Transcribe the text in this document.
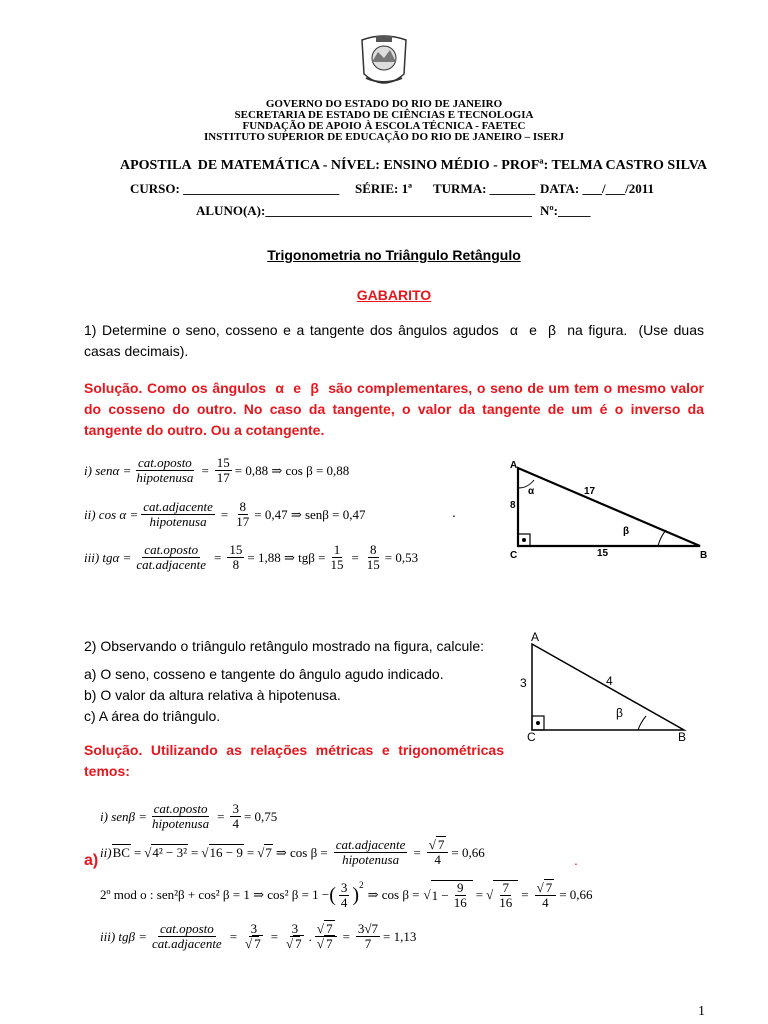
GOVERNO DO ESTADO DO RIO DE JANEIRO
SECRETARIA DE ESTADO DE CIÊNCIAS E TECNOLOGIA
FUNDAÇÃO DE APOIO À ESCOLA TÉCNICA - FAETEC
INSTITUTO SUPERIOR DE EDUCAÇÃO DO RIO DE JANEIRO – ISERJ
APOSTILA  DE MATEMÁTICA - NÍVEL: ENSINO MÉDIO - PROFª: TELMA CASTRO SILVA
CURSO: ________________________ SÉRIE: 1ª TURMA: _______ DATA: ___/___/2011
ALUNO(A):_________________________________________ Nº:_____
Trigonometria no Triângulo Retângulo
GABARITO
1) Determine o seno, cosseno e a tangente dos ângulos agudos  α  e  β  na figura.  (Use duas casas decimais).
Solução. Como os ângulos  α  e  β  são complementares, o seno de um tem o mesmo valor do cosseno do outro. No caso da tangente, o valor da tangente de um é o inverso da tangente do outro. Ou a cotangente.
i) $sen\alpha = \frac{\text{cat.oposto}}{\text{hipotenusa}} = \frac{15}{17} = 0,88$ ⇒ cos β = 0,88
ii) $\cos \alpha = \frac{\text{cat.adjacente}}{\text{hipotenusa}} = \frac{8}{17} = 0,47$ ⇒ senβ = 0,47
iii) $tg\alpha = \frac{\text{cat.oposto}}{\text{cat.adjacente}} = \frac{15}{8} = 1,88$ ⇒ $tg\beta = \frac{1}{15} = \frac{8}{15} = 0,53$
.
A
8
C	15	B
17
α
β
2) Observando o triângulo retângulo mostrado na figura, calcule:
a) O seno, cosseno e tangente do ângulo agudo indicado.
b) O valor da altura relativa à hipotenusa.
c) A área do triângulo.
Solução.  Utilizando  as  relações  métricas  e  trigonométricas temos:
A
3
C	B
4
β
i) $sen\beta = \frac{\text{cat.oposto}}{\text{hipotenusa}} = \frac{3}{4} = 0,75$
a) ii) BC = √ 4² − 3² = √ 16 − 9 = √ 7 ⇒ $\cos \beta = \frac{\text{cat.adjacente}}{\text{hipotenusa}} = \frac{√ 7}{4} = 0,66$	.
2º mod o : sen²β + cos² β = 1 ⇒ cos² β = 1 − ( $\frac{3}{4}$ ) 2
⇒ cos β = √ $1 - \frac{9}{16}$ = √ $\frac{7}{16} = \frac{√ 7}{4} = 0,66$
iii) $tg\beta = \frac{\text{cat.oposto}}{\text{cat.adjacente}} = \frac{3}{√ 7} = \frac{3}{√ 7}$ . $\frac{√ 7}{√ 7} = \frac{3√7}{7} = 1,13$
1
